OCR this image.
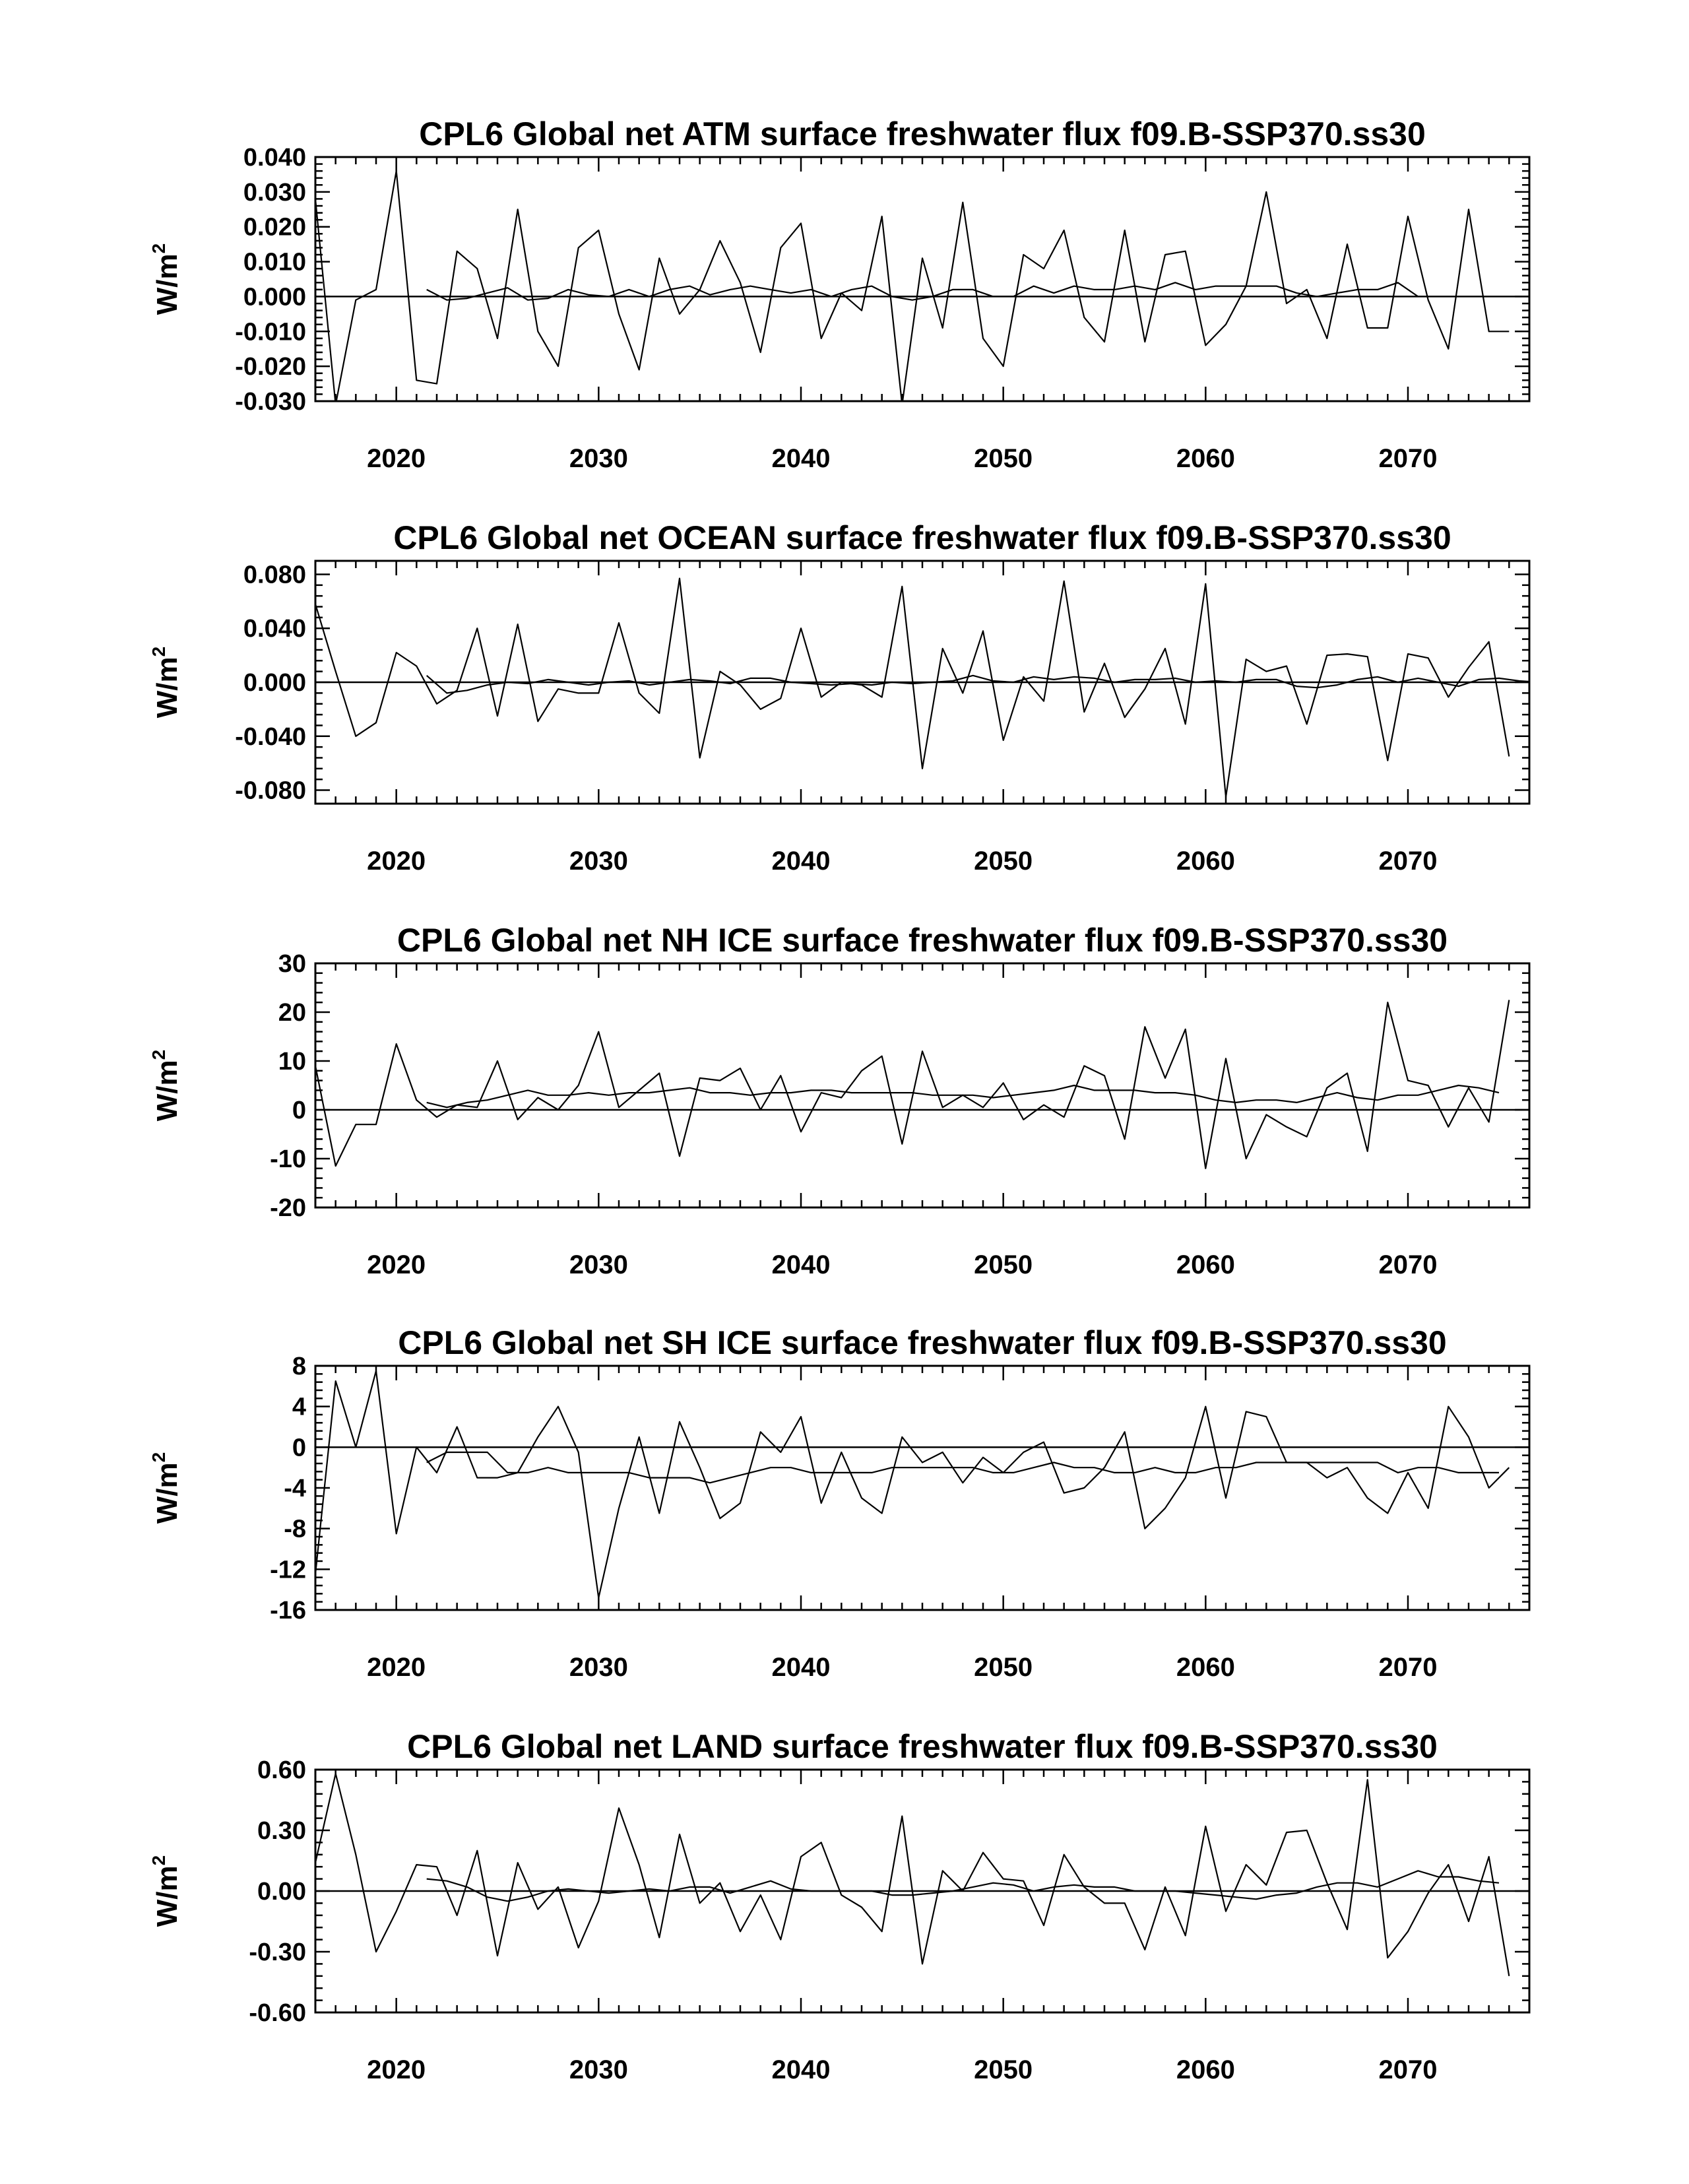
CPL6 Global net ATM surface freshwater flux f09.B-SSP370.ss30
0.040
0.030
0.020
0.010
0.000
-0.010
-0.020
-0.030
2020	2030	2040	2050	2060	2070
$W/m^2$
CPL6 Global net OCEAN surface freshwater flux f09.B-SSP370.ss30
0.080
0.040
0.000
-0.040
-0.080
2020	2030	2040	2050	2060	2070
$W/m^2$
CPL6 Global net NH ICE surface freshwater flux f09.B-SSP370.ss30
30
20
10
0
-10
-20
2020	2030	2040	2050	2060	2070
$W/m^2$
CPL6 Global net SH ICE surface freshwater flux f09.B-SSP370.ss30
8
4
0
-4
-8
-12
-16
2020	2030	2040	2050	2060	2070
$W/m^2$
CPL6 Global net LAND surface freshwater flux f09.B-SSP370.ss30
0.60
0.30
0.00
-0.30
-0.60
2020	2030	2040	2050	2060	2070
$W/m^2$
